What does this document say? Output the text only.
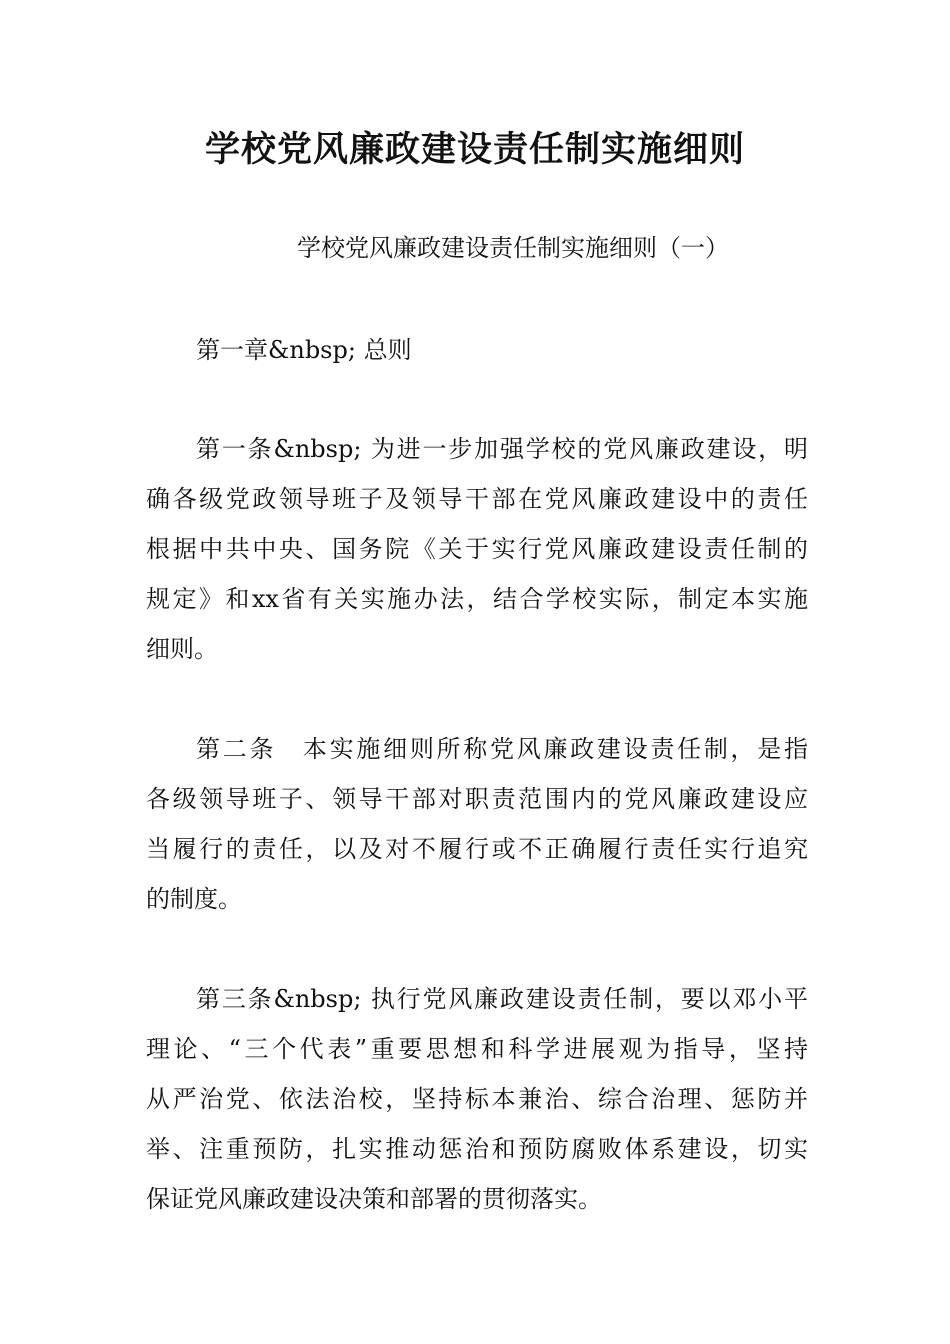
学校党风廉政建设责任制实施细则

学校党风廉政建设责任制实施细则（一）

第一章&nbsp; 总则

第一条&nbsp; 为进一步加强学校的党风廉政建设，明
确各级党政领导班子及领导干部在党风廉政建设中的责任
根据中共中央、国务院《关于实行党风廉政建设责任制的
规定》和xx省有关实施办法，结合学校实际，制定本实施
细则。
第二条　本实施细则所称党风廉政建设责任制，是指
各级领导班子、领导干部对职责范围内的党风廉政建设应
当履行的责任，以及对不履行或不正确履行责任实行追究
的制度。
第三条&nbsp; 执行党风廉政建设责任制，要以邓小平
理论、“三个代表”重要思想和科学进展观为指导，坚持
从严治党、依法治校，坚持标本兼治、综合治理、惩防并
举、注重预防，扎实推动惩治和预防腐败体系建设，切实
保证党风廉政建设决策和部署的贯彻落实。
